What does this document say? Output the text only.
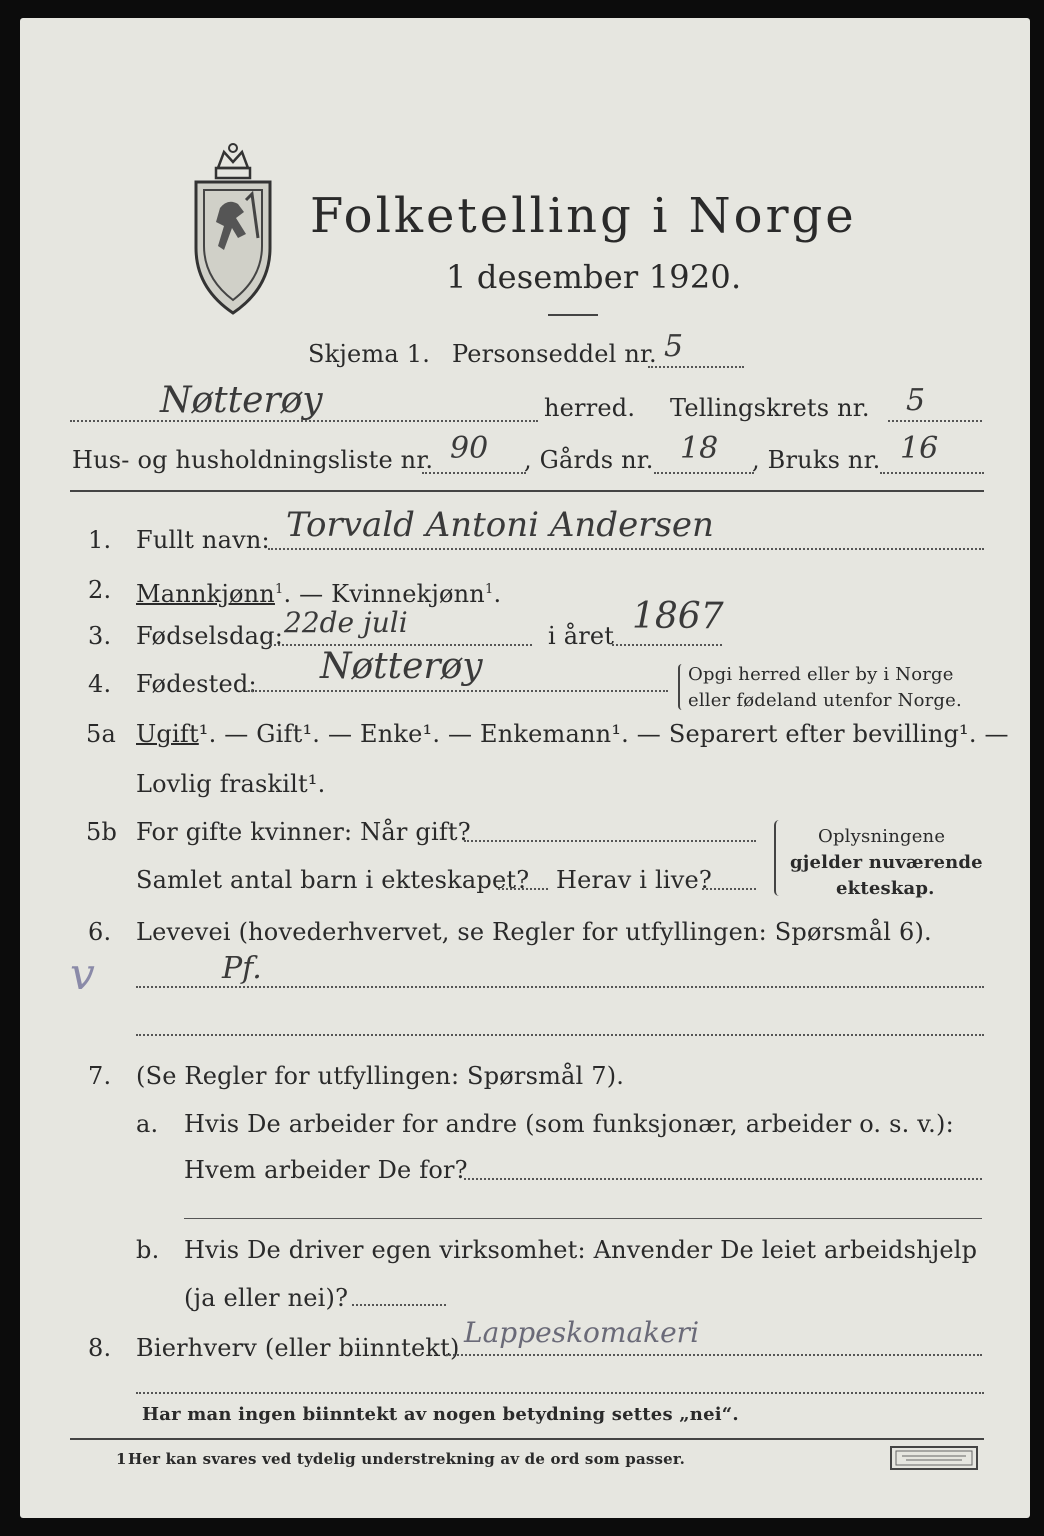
Folketelling i Norge
1 desember 1920.
Skjema 1. Personseddel nr. 5
Nøtterøy	herred. Tellingskrets nr. 5
Hus- og husholdningsliste nr. 90 , Gårds nr. 18 , Bruks nr. 16
1. Fullt navn: Torvald Antoni Andersen
2. Mannkjønn$^1$. — Kvinnekjønn$^1$.
3. Fødselsdag: 22de juli	i året 1867
4. Fødested: Nøtterøy	Opgi herred eller by i Norge
eller fødeland utenfor Norge.
5a Ugift¹. — Gift¹. — Enke¹. — Enkemann¹. — Separert efter bevilling¹. —
Lovlig fraskilt¹.
5b For gifte kvinner: Når gift?
Samlet antal barn i ekteskapet? Herav i live?
Oplysningene
gjelder nuværende
ekteskap.
6. Levevei (hovederhvervet, se Regler for utfyllingen: Spørsmål 6).
v	Pf.
7. (Se Regler for utfyllingen: Spørsmål 7).
a. Hvis De arbeider for andre (som funksjonær, arbeider o. s. v.):
Hvem arbeider De for?
b. Hvis De driver egen virksomhet: Anvender De leiet arbeidshjelp
(ja eller nei)?
8. Bierhverv (eller biinntekt) Lappeskomakeri
Har man ingen biinntekt av nogen betydning settes „nei“.
1 Her kan svares ved tydelig understrekning av de ord som passer.
